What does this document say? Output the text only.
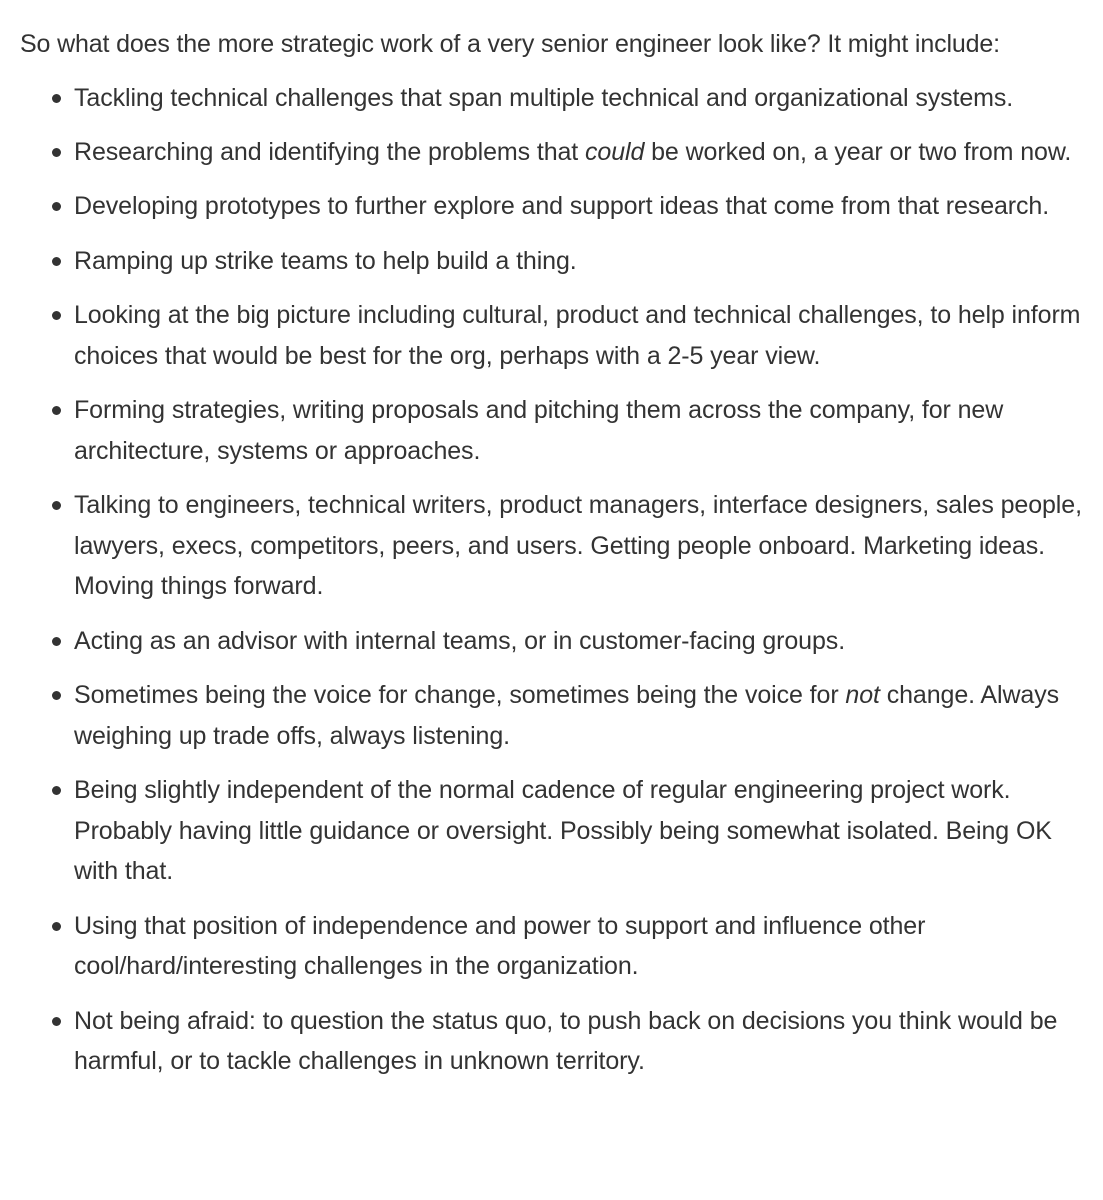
So what does the more strategic work of a very senior engineer look like? It might include:

Tackling technical challenges that span multiple technical and organizational systems.
Researching and identifying the problems that could be worked on, a year or two from now.
Developing prototypes to further explore and support ideas that come from that research.
Ramping up strike teams to help build a thing.
Looking at the big picture including cultural, product and technical challenges, to help inform choices that would be best for the org, perhaps with a 2-5 year view.
Forming strategies, writing proposals and pitching them across the company, for new architecture, systems or approaches.
Talking to engineers, technical writers, product managers, interface designers, sales people, lawyers, execs, competitors, peers, and users. Getting people onboard. Marketing ideas. Moving things forward.
Acting as an advisor with internal teams, or in customer-facing groups.
Sometimes being the voice for change, sometimes being the voice for not change. Always weighing up trade offs, always listening.
Being slightly independent of the normal cadence of regular engineering project work. Probably having little guidance or oversight. Possibly being somewhat isolated. Being OK with that.
Using that position of independence and power to support and influence other cool/hard/interesting challenges in the organization.
Not being afraid: to question the status quo, to push back on decisions you think would be harmful, or to tackle challenges in unknown territory.
